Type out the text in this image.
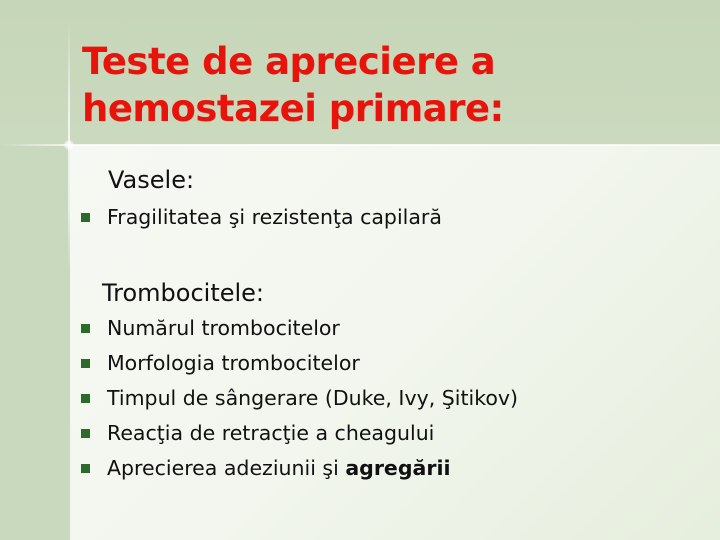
Teste de apreciere a
hemostazei primare:
Vasele:
Fragilitatea şi rezistenţa capilară
Trombocitele:
Numărul trombocitelor
Morfologia trombocitelor
Timpul de sângerare (Duke, Ivy, Şitikov)
Reacţia de retracţie a cheagului
Aprecierea adeziunii şi agregării
